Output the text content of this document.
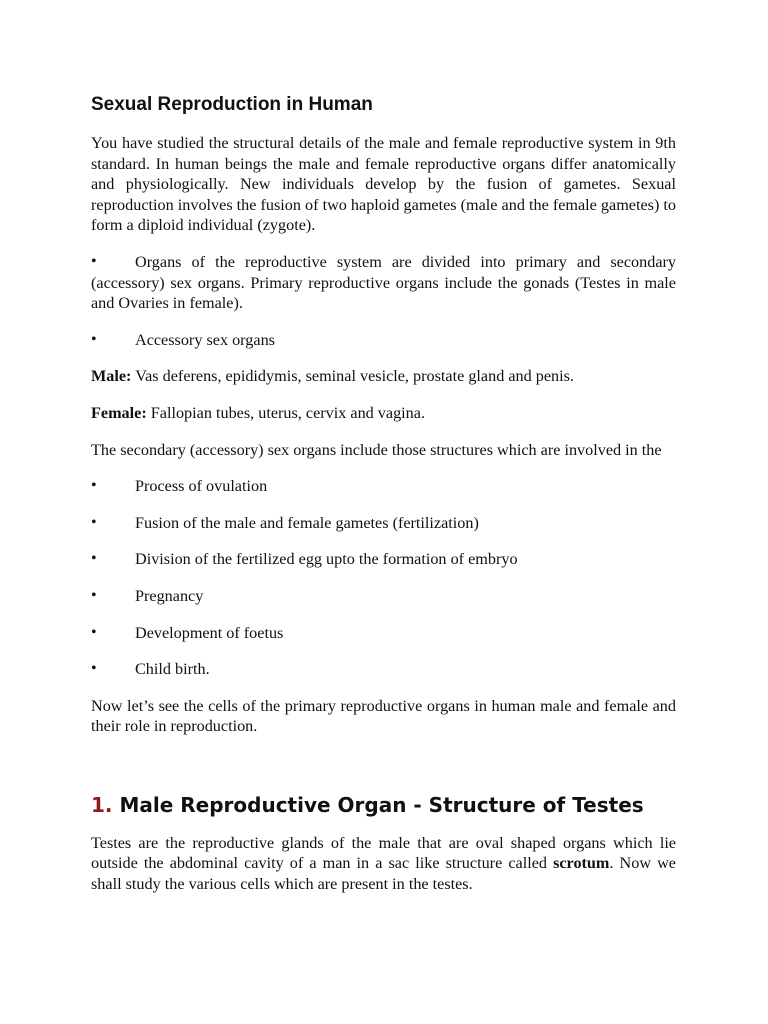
Sexual Reproduction in Human

You have studied the structural details of the male and female reproductive system in 9th standard. In human beings the male and female reproductive organs differ anatomically and physiologically. New individuals develop by the fusion of gametes. Sexual reproduction involves the fusion of two haploid gametes (male and the female gametes) to form a diploid individual (zygote).

•	Organs of the reproductive system are divided into primary and secondary (accessory) sex organs. Primary reproductive organs include the gonads (Testes in male and Ovaries in female).
•	Accessory sex organs

Male: Vas deferens, epididymis, seminal vesicle, prostate gland and penis.

Female: Fallopian tubes, uterus, cervix and vagina.

The secondary (accessory) sex organs include those structures which are involved in the

•	Process of ovulation
•	Fusion of the male and female gametes (fertilization)
•	Division of the fertilized egg upto the formation of embryo
•	Pregnancy
•	Development of foetus
•	Child birth.

Now let’s see the cells of the primary reproductive organs in human male and female and their role in reproduction.

1. Male Reproductive Organ - Structure of Testes

Testes are the reproductive glands of the male that are oval shaped organs which lie outside the abdominal cavity of a man in a sac like structure called scrotum. Now we shall study the various cells which are present in the testes.
